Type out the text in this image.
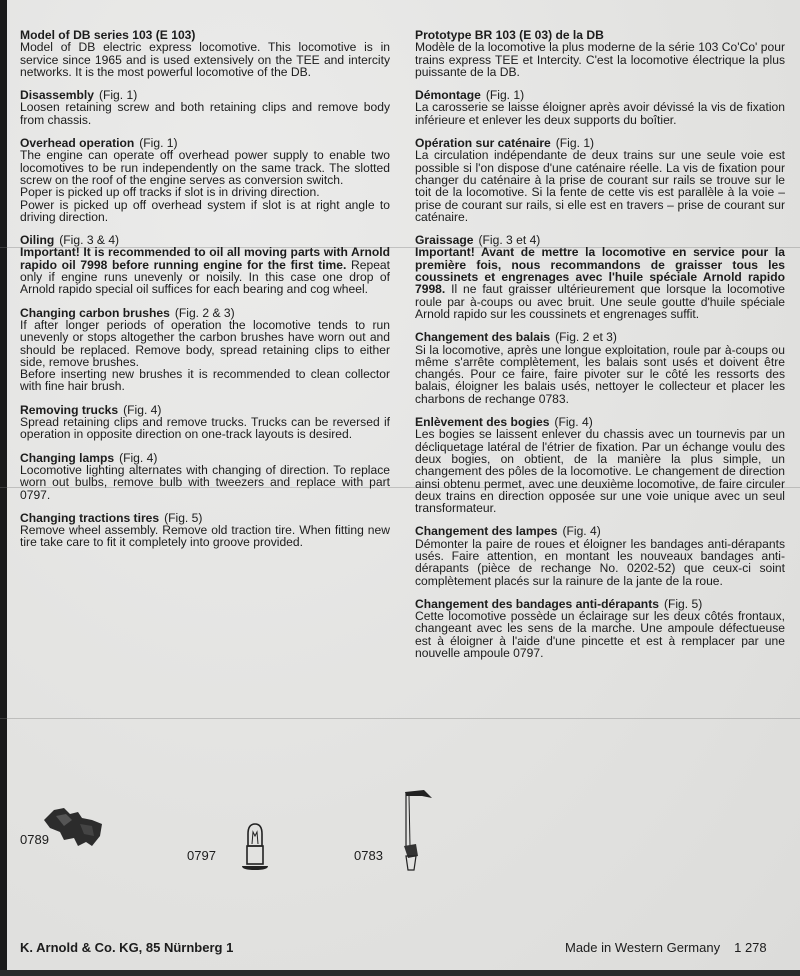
Model of DB series 103 (E 103)

Model of DB electric express locomotive. This locomotive is in service since 1965 and is used extensively on the TEE and intercity networks. It is the most powerful locomotive of the DB.

Disassembly (Fig. 1)

Loosen retaining screw and both retaining clips and remove body from chassis.

Overhead operation (Fig. 1)

The engine can operate off overhead power supply to enable two locomotives to be run independently on the same track. The slotted screw on the roof of the engine serves as conversion switch.

Poper is picked up off tracks if slot is in driving direction.

Power is picked up off overhead system if slot is at right angle to driving direction.

Oiling (Fig. 3 & 4)

Important! It is recommended to oil all moving parts with Arnold rapido oil 7998 before running engine for the first time. Repeat only if engine runs unevenly or noisily. In this case one drop of Arnold rapido special oil suffices for each bearing and cog wheel.

Changing carbon brushes (Fig. 2 & 3)

If after longer periods of operation the locomotive tends to run unevenly or stops altogether the carbon brushes have worn out and should be replaced. Remove body, spread retaining clips to either side, remove brushes.

Before inserting new brushes it is recommended to clean collector with fine hair brush.

Removing trucks (Fig. 4)

Spread retaining clips and remove trucks. Trucks can be reversed if operation in opposite direction on one-track layouts is desired.

Changing lamps (Fig. 4)

Locomotive lighting alternates with changing of direction. To replace worn out bulbs, remove bulb with tweezers and replace with part 0797.

Changing tractions tires (Fig. 5)

Remove wheel assembly. Remove old traction tire. When fitting new tire take care to fit it completely into groove provided.

Prototype BR 103 (E 03) de la DB

Modèle de la locomotive la plus moderne de la série 103 Co'Co' pour trains express TEE et Intercity. C'est la locomotive électrique la plus puissante de la DB.

Démontage (Fig. 1)

La carosserie se laisse éloigner après avoir dévissé la vis de fixation inférieure et enlever les deux supports du boîtier.

Opération sur caténaire (Fig. 1)

La circulation indépendante de deux trains sur une seule voie est possible si l'on dispose d'une caténaire réelle. La vis de fixation pour changer du caténaire à la prise de courant sur rails se trouve sur le toit de la locomotive. Si la fente de cette vis est parallèle à la voie – prise de courant sur rails, si elle est en travers – prise de courant sur caténaire.

Graissage (Fig. 3 et 4)

Important! Avant de mettre la locomotive en service pour la première fois, nous recommandons de graisser tous les coussinets et engrenages avec l'huile spéciale Arnold rapido 7998. Il ne faut graisser ultérieurement que lorsque la locomotive roule par à-coups ou avec bruit. Une seule goutte d'huile spéciale Arnold rapido sur les coussinets et engrenages suffit.

Changement des balais (Fig. 2 et 3)

Si la locomotive, après une longue exploitation, roule par à-coups ou même s'arrête complètement, les balais sont usés et doivent être changés. Pour ce faire, faire pivoter sur le côté les ressorts des balais, éloigner les balais usés, nettoyer le collecteur et placer les charbons de rechange 0783.

Enlèvement des bogies (Fig. 4)

Les bogies se laissent enlever du chassis avec un tournevis par un décliquetage latéral de l'étrier de fixation. Par un échange voulu des deux bogies, on obtient, de la manière la plus simple, un changement des pôles de la locomotive. Le changement de direction ainsi obtenu permet, avec une deuxième locomotive, de faire circuler deux trains en direction opposée sur une voie unique avec un seul transformateur.

Changement des lampes (Fig. 4)

Démonter la paire de roues et éloigner les bandages anti-dérapants usés. Faire attention, en montant les nouveaux bandages anti-dérapants (pièce de rechange No. 0202-52) que ceux-ci soint complètement placés sur la rainure de la jante de la roue.

Changement des bandages anti-dérapants (Fig. 5)

Cette locomotive possède un éclairage sur les deux côtés frontaux, changeant avec les sens de la marche. Une ampoule défectueuse est à éloigner à l'aide d'une pincette et est à remplacer par une nouvelle ampoule 0797.

0789
0797	0783
K. Arnold & Co. KG, 85 Nürnberg 1	Made in Western Germany 1 278
